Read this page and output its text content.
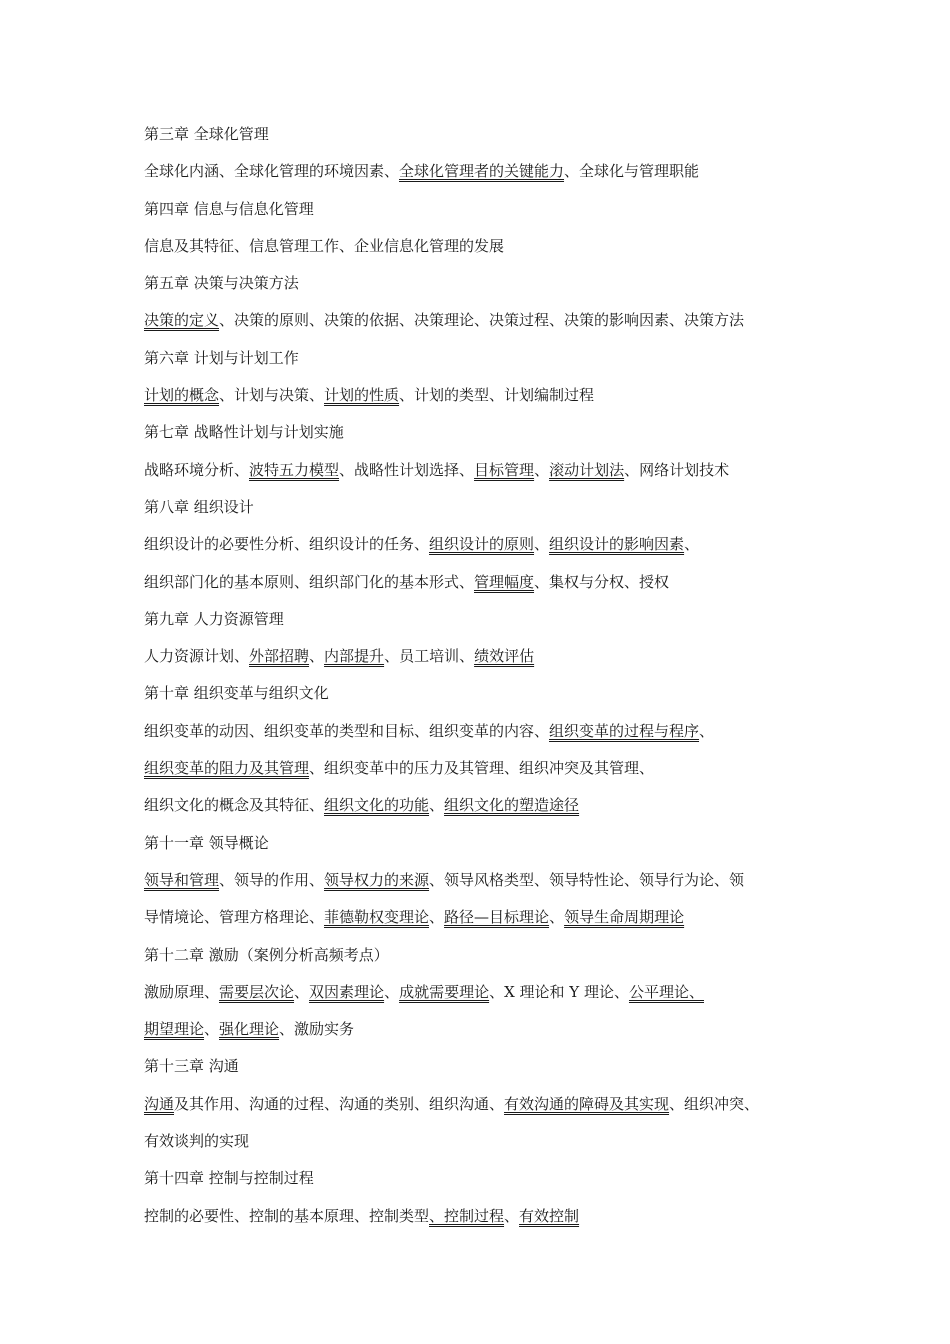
第三章 全球化管理
全球化内涵、全球化管理的环境因素、全球化管理者的关键能力、全球化与管理职能
第四章 信息与信息化管理
信息及其特征、信息管理工作、企业信息化管理的发展
第五章 决策与决策方法
决策的定义、决策的原则、决策的依据、决策理论、决策过程、决策的影响因素、决策方法
第六章 计划与计划工作
计划的概念、计划与决策、计划的性质、计划的类型、计划编制过程
第七章 战略性计划与计划实施
战略环境分析、波特五力模型、战略性计划选择、目标管理、滚动计划法、网络计划技术
第八章 组织设计
组织设计的必要性分析、组织设计的任务、组织设计的原则、组织设计的影响因素、
组织部门化的基本原则、组织部门化的基本形式、管理幅度、集权与分权、授权
第九章 人力资源管理
人力资源计划、外部招聘、内部提升、员工培训、绩效评估
第十章 组织变革与组织文化
组织变革的动因、组织变革的类型和目标、组织变革的内容、组织变革的过程与程序、
组织变革的阻力及其管理、组织变革中的压力及其管理、组织冲突及其管理、
组织文化的概念及其特征、组织文化的功能、组织文化的塑造途径
第十一章 领导概论
领导和管理、领导的作用、领导权力的来源、领导风格类型、领导特性论、领导行为论、领
导情境论、管理方格理论、菲德勒权变理论、路径—目标理论、领导生命周期理论
第十二章 激励（案例分析高频考点）
激励原理、需要层次论、双因素理论、成就需要理论、X 理论和 Y 理论、公平理论、
期望理论、强化理论、激励实务
第十三章 沟通
沟通及其作用、沟通的过程、沟通的类别、组织沟通、有效沟通的障碍及其实现、组织冲突、
有效谈判的实现
第十四章 控制与控制过程
控制的必要性、控制的基本原理、控制类型、控制过程、有效控制
